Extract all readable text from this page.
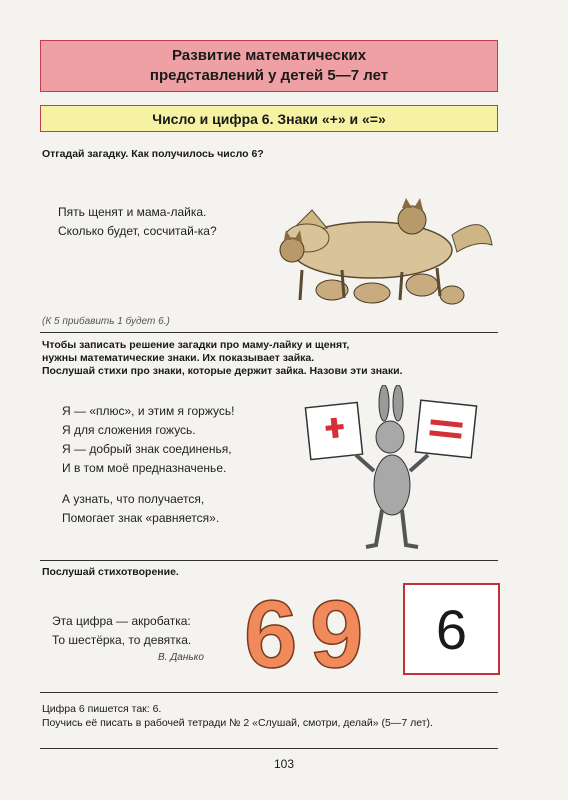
Развитие математических
представлений у детей 5—7 лет
Число и цифра 6. Знаки «+» и «=»
Отгадай загадку. Как получилось число 6?
Пять щенят и мама-лайка.
Сколько будет, сосчитай-ка?
(К 5 прибавить 1 будет 6.)
Чтобы записать решение загадки про маму-лайку и щенят,
нужны математические знаки. Их показывает зайка.
Послушай стихи про знаки, которые держит зайка. Назови эти знаки.
Я — «плюс», и этим я горжусь!
Я для сложения гожусь.
Я — добрый знак соединенья,
И в том моё предназначенье.
А узнать, что получается,
Помогает знак «равняется».
Послушай стихотворение.
Эта цифра — акробатка:
То шестёрка, то девятка.
В. Данько 6 9 6
Цифра 6 пишется так: 6.
Поучись её писать в рабочей тетради № 2 «Слушай, смотри, делай» (5—7 лет).
103
